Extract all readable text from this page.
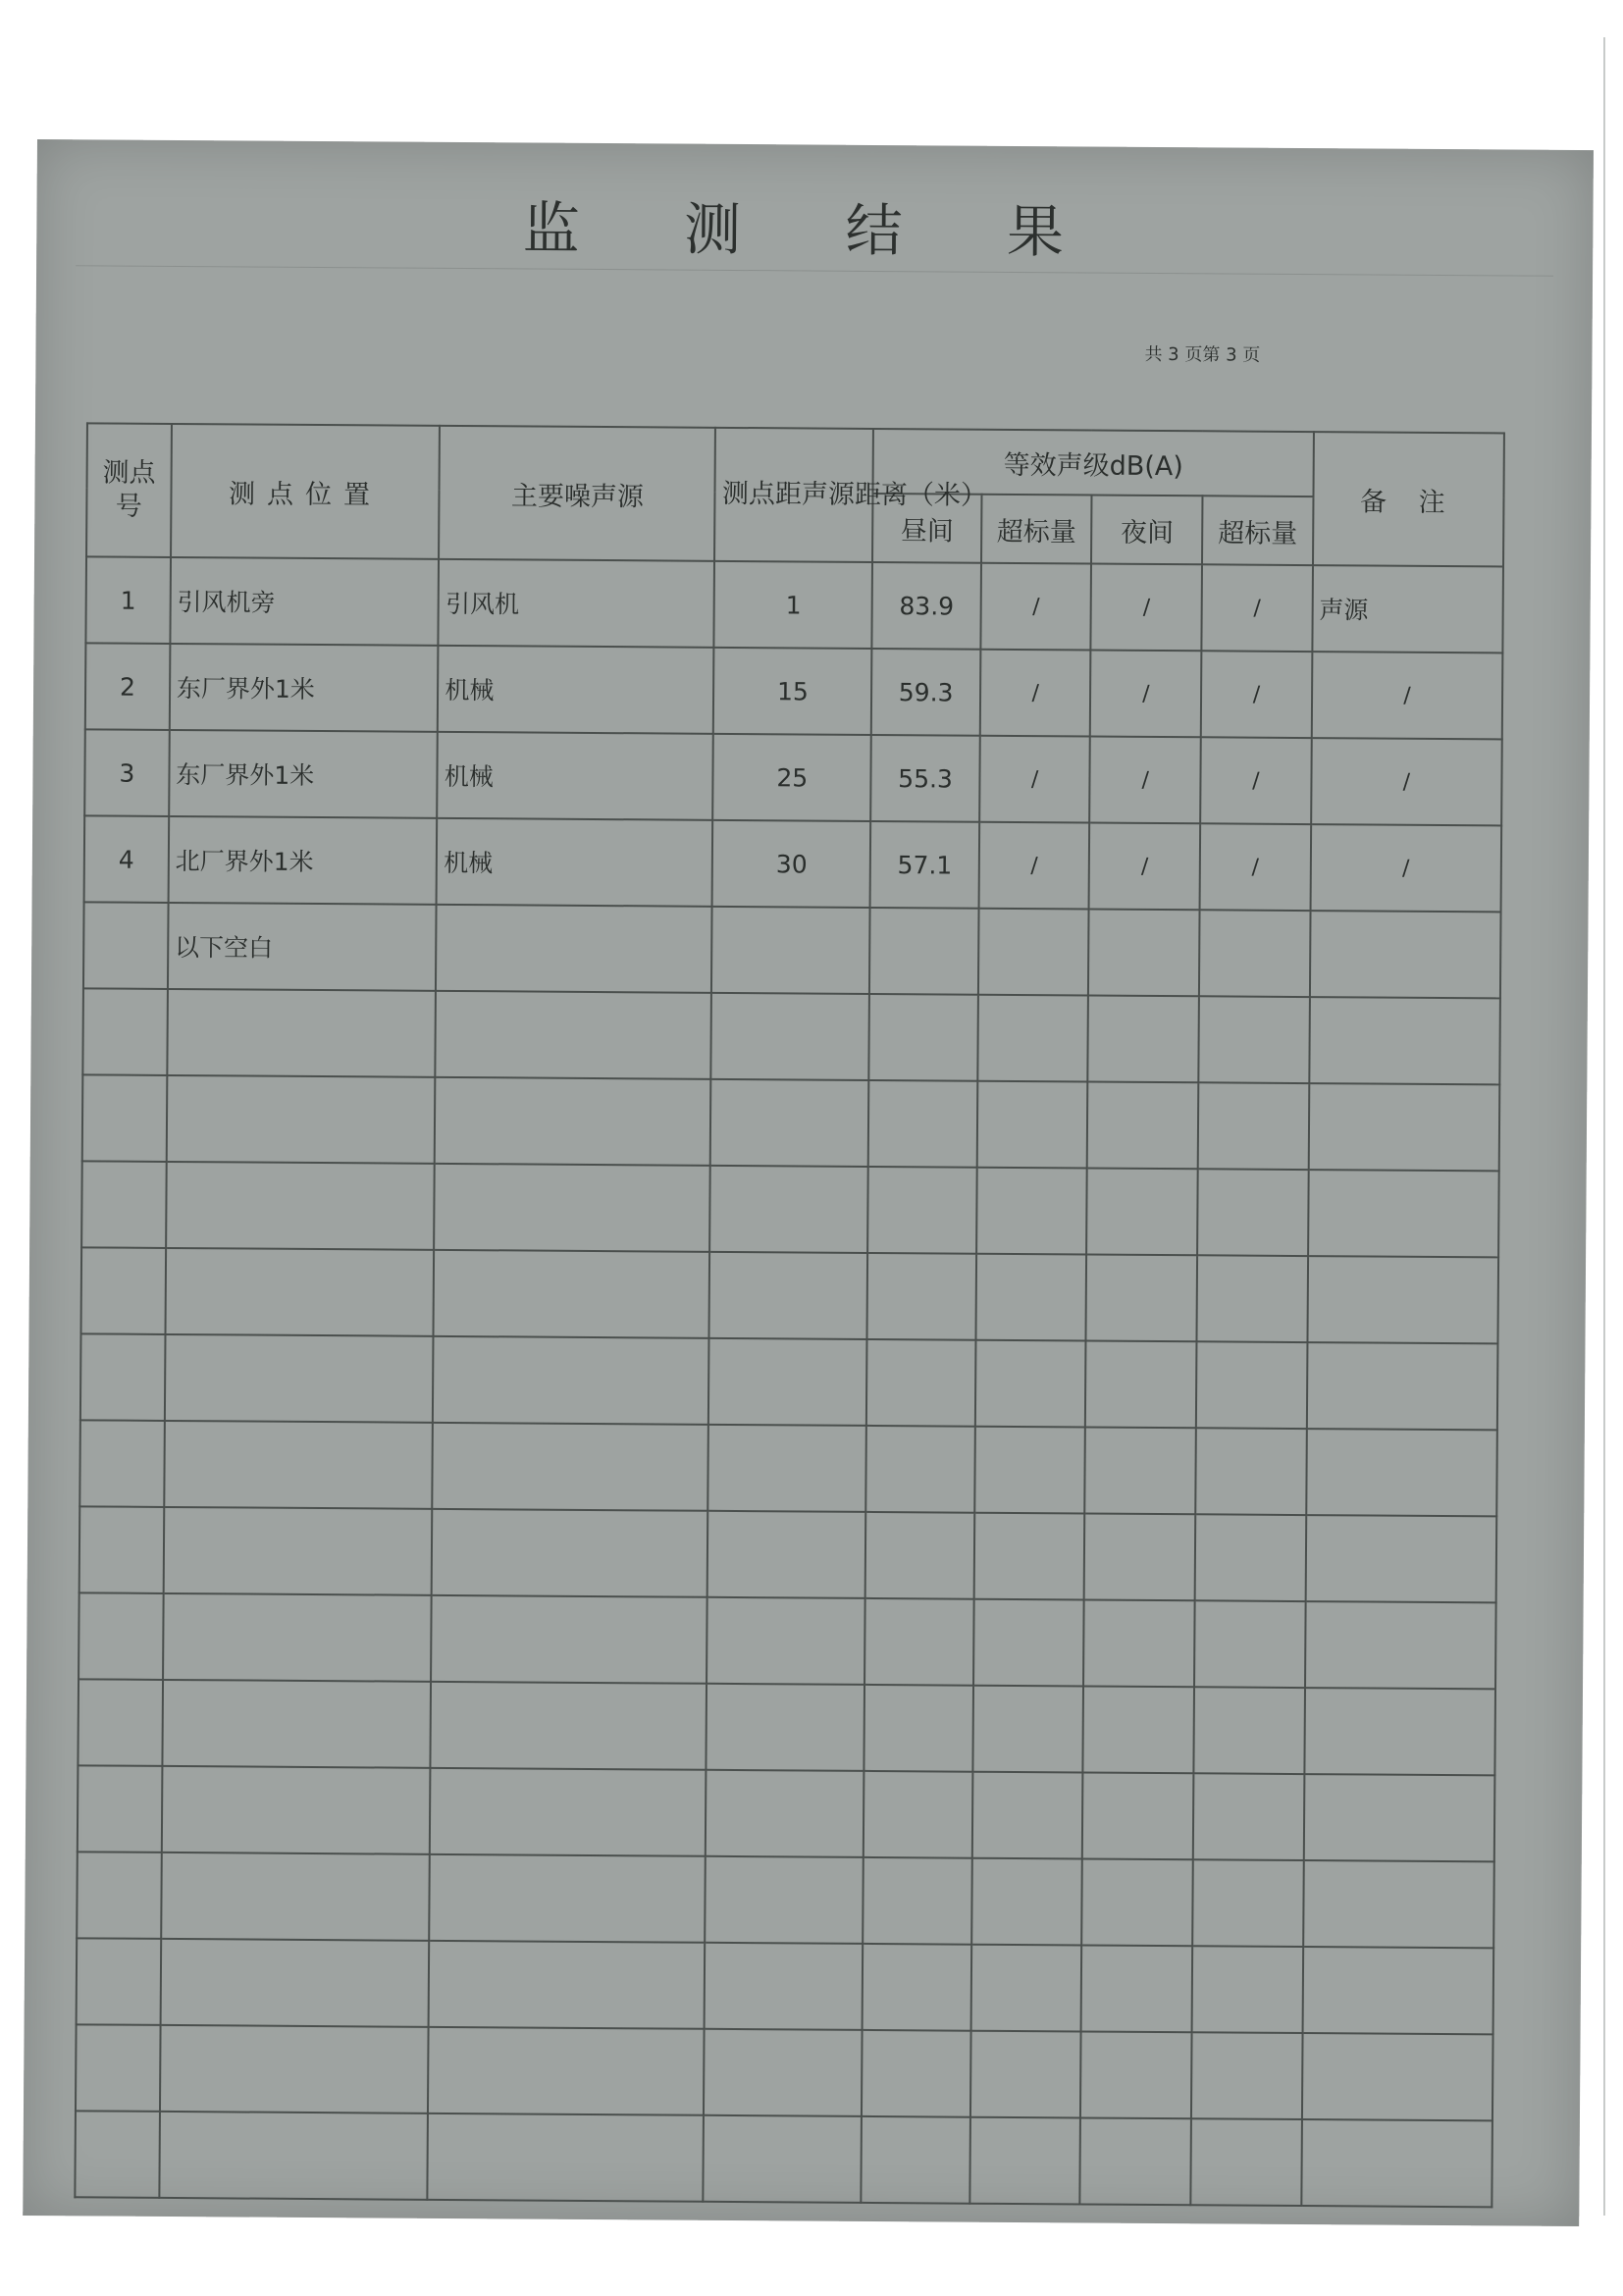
监 测 结 果
共 3 页第 3 页
测点号	测点位置	主要噪声源	测点距声源距离（米）	等效声级dB(A)				备 注
				昼间	超标量	夜间	超标量	
1	引风机旁	引风机	1	83.9	/	/	/	声源
2	东厂界外1米	机械	15	59.3	/	/	/	/
3	东厂界外1米	机械	25	55.3	/	/	/	/
4	北厂界外1米	机械	30	57.1	/	/	/	/
	以下空白							
